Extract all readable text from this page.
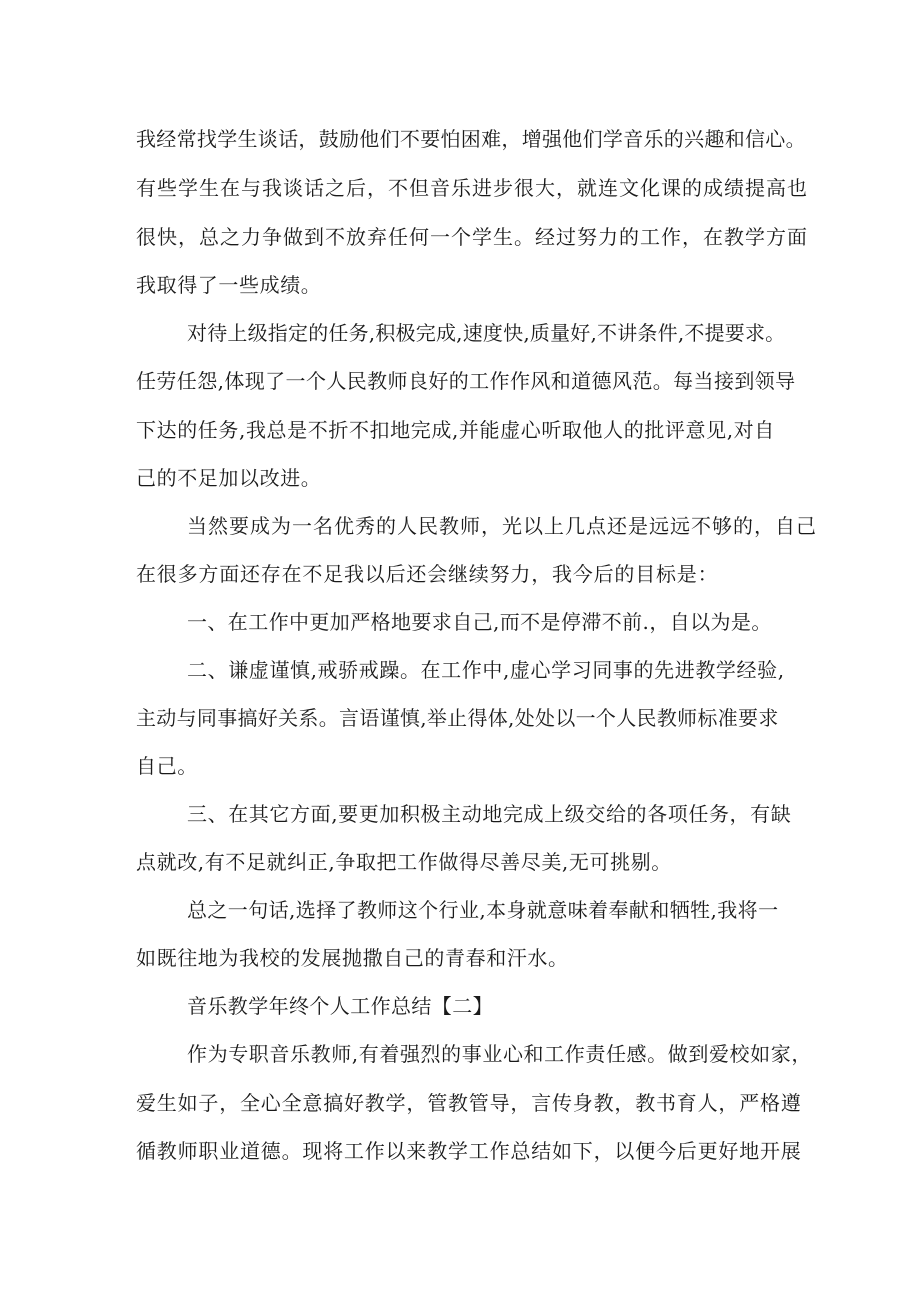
我经常找学生谈话，鼓励他们不要怕困难，增强他们学音乐的兴趣和信心。
有些学生在与我谈话之后，不但音乐进步很大，就连文化课的成绩提高也
很快，总之力争做到不放弃任何一个学生。经过努力的工作，在教学方面
我取得了一些成绩。
对待上级指定的任务,积极完成,速度快,质量好,不讲条件,不提要求。
任劳任怨,体现了一个人民教师良好的工作作风和道德风范。每当接到领导
下达的任务,我总是不折不扣地完成,并能虚心听取他人的批评意见,对自
己的不足加以改进。
当然要成为一名优秀的人民教师，光以上几点还是远远不够的，自己
在很多方面还存在不足我以后还会继续努力，我今后的目标是：
一、在工作中更加严格地要求自己,而不是停滞不前.，自以为是。
二、谦虚谨慎,戒骄戒躁。在工作中,虚心学习同事的先进教学经验,
主动与同事搞好关系。言语谨慎,举止得体,处处以一个人民教师标准要求
自己。
三、在其它方面,要更加积极主动地完成上级交给的各项任务，有缺
点就改,有不足就纠正,争取把工作做得尽善尽美,无可挑剔。
总之一句话,选择了教师这个行业,本身就意味着奉献和牺牲,我将一
如既往地为我校的发展抛撒自己的青春和汗水。
音乐教学年终个人工作总结【二】
作为专职音乐教师,有着强烈的事业心和工作责任感。做到爱校如家，
爱生如子，全心全意搞好教学，管教管导，言传身教，教书育人，严格遵
循教师职业道德。现将工作以来教学工作总结如下，以便今后更好地开展
